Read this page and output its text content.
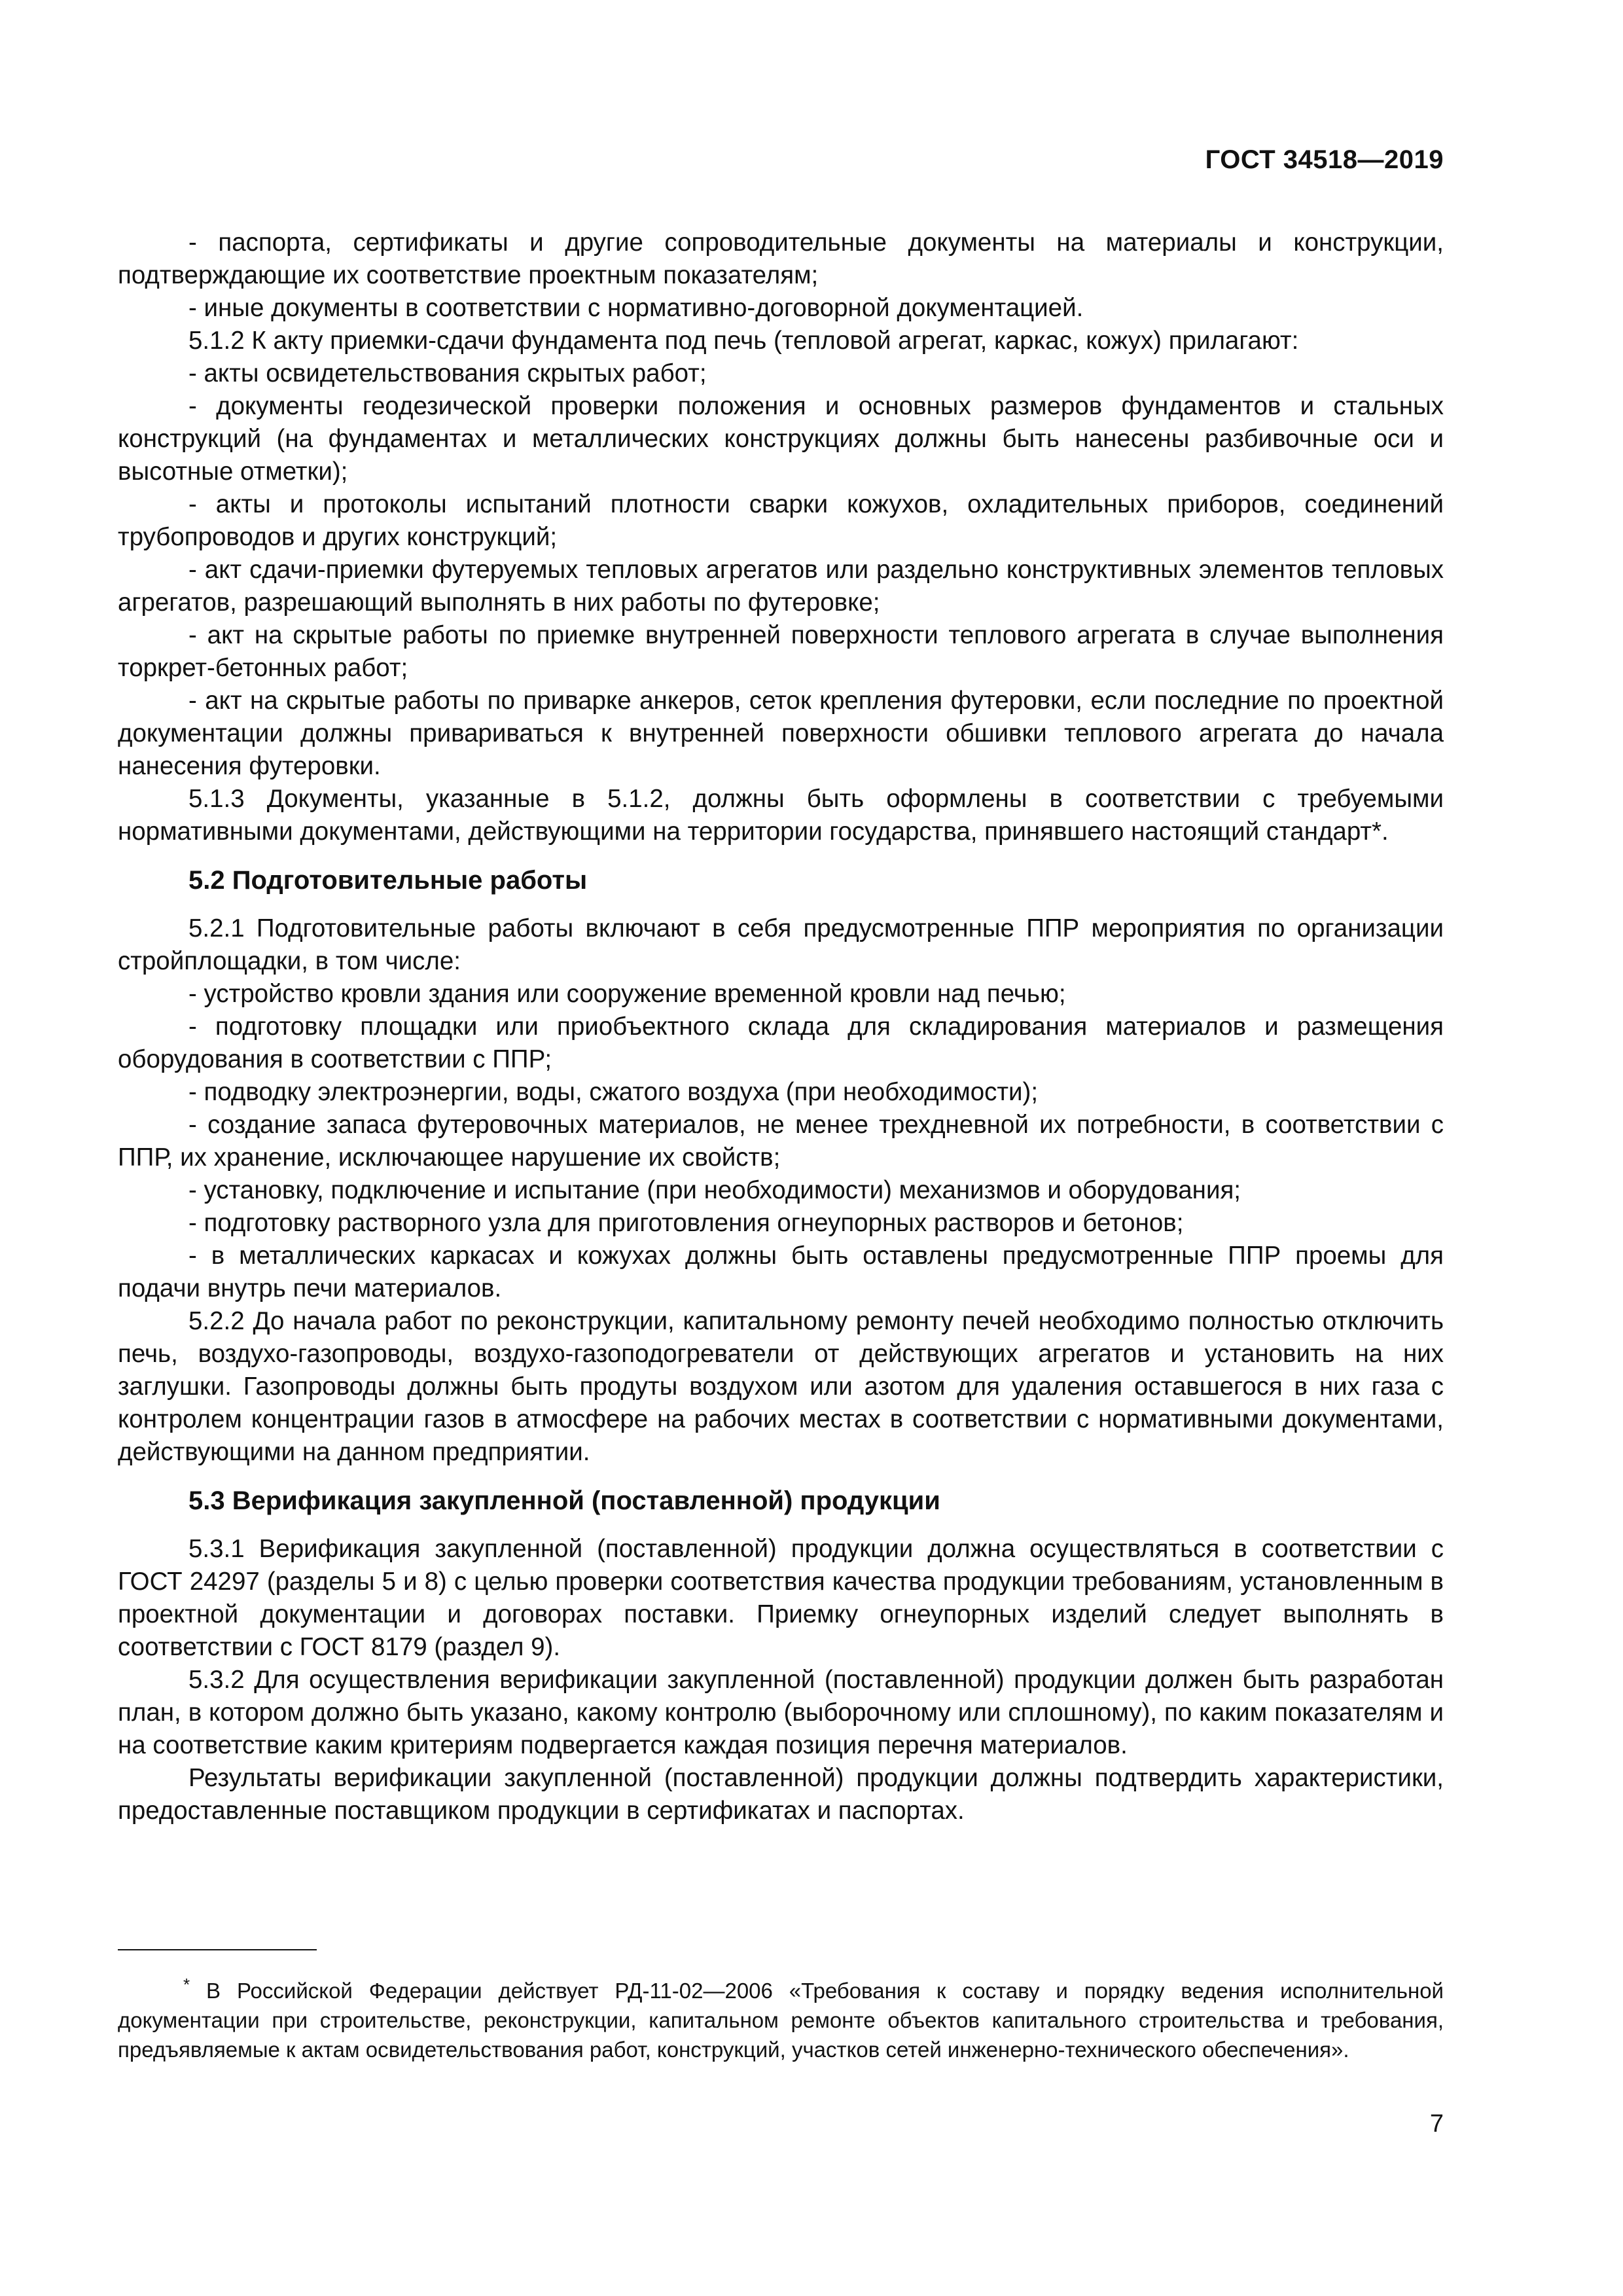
ГОСТ 34518—2019

- паспорта, сертификаты и другие сопроводительные документы на материалы и конструкции, подтверждающие их соответствие проектным показателям;

- иные документы в соответствии с нормативно-договорной документацией.

5.1.2 К акту приемки-сдачи фундамента под печь (тепловой агрегат, каркас, кожух) прилагают:

- акты освидетельствования скрытых работ;

- документы геодезической проверки положения и основных размеров фундаментов и стальных конструкций (на фундаментах и металлических конструкциях должны быть нанесены разбивочные оси и высотные отметки);

- акты и протоколы испытаний плотности сварки кожухов, охладительных приборов, соединений трубопроводов и других конструкций;

- акт сдачи-приемки футеруемых тепловых агрегатов или раздельно конструктивных элементов тепловых агрегатов, разрешающий выполнять в них работы по футеровке;

- акт на скрытые работы по приемке внутренней поверхности теплового агрегата в случае выполнения торкрет-бетонных работ;

- акт на скрытые работы по приварке анкеров, сеток крепления футеровки, если последние по проектной документации должны привариваться к внутренней поверхности обшивки теплового агрегата до начала нанесения футеровки.

5.1.3 Документы, указанные в 5.1.2, должны быть оформлены в соответствии с требуемыми нормативными документами, действующими на территории государства, принявшего настоящий стандарт*.

5.2 Подготовительные работы

5.2.1 Подготовительные работы включают в себя предусмотренные ППР мероприятия по организации стройплощадки, в том числе:

- устройство кровли здания или сооружение временной кровли над печью;

- подготовку площадки или приобъектного склада для складирования материалов и размещения оборудования в соответствии с ППР;

- подводку электроэнергии, воды, сжатого воздуха (при необходимости);

- создание запаса футеровочных материалов, не менее трехдневной их потребности, в соответствии с ППР, их хранение, исключающее нарушение их свойств;

- установку, подключение и испытание (при необходимости) механизмов и оборудования;

- подготовку растворного узла для приготовления огнеупорных растворов и бетонов;

- в металлических каркасах и кожухах должны быть оставлены предусмотренные ППР проемы для подачи внутрь печи материалов.

5.2.2 До начала работ по реконструкции, капитальному ремонту печей необходимо полностью отключить печь, воздухо-газопроводы, воздухо-газоподогреватели от действующих агрегатов и установить на них заглушки. Газопроводы должны быть продуты воздухом или азотом для удаления оставшегося в них газа с контролем концентрации газов в атмосфере на рабочих местах в соответствии с нормативными документами, действующими на данном предприятии.

5.3 Верификация закупленной (поставленной) продукции

5.3.1 Верификация закупленной (поставленной) продукции должна осуществляться в соответствии с ГОСТ 24297 (разделы 5 и 8) с целью проверки соответствия качества продукции требованиям, установленным в проектной документации и договорах поставки. Приемку огнеупорных изделий следует выполнять в соответствии с ГОСТ 8179 (раздел 9).

5.3.2 Для осуществления верификации закупленной (поставленной) продукции должен быть разработан план, в котором должно быть указано, какому контролю (выборочному или сплошному), по каким показателям и на соответствие каким критериям подвергается каждая позиция перечня материалов.

Результаты верификации закупленной (поставленной) продукции должны подтвердить характеристики, предоставленные поставщиком продукции в сертификатах и паспортах.

* В Российской Федерации действует РД-11-02—2006 «Требования к составу и порядку ведения исполнительной документации при строительстве, реконструкции, капитальном ремонте объектов капитального строительства и требования, предъявляемые к актам освидетельствования работ, конструкций, участков сетей инженерно-технического обеспечения».
7
